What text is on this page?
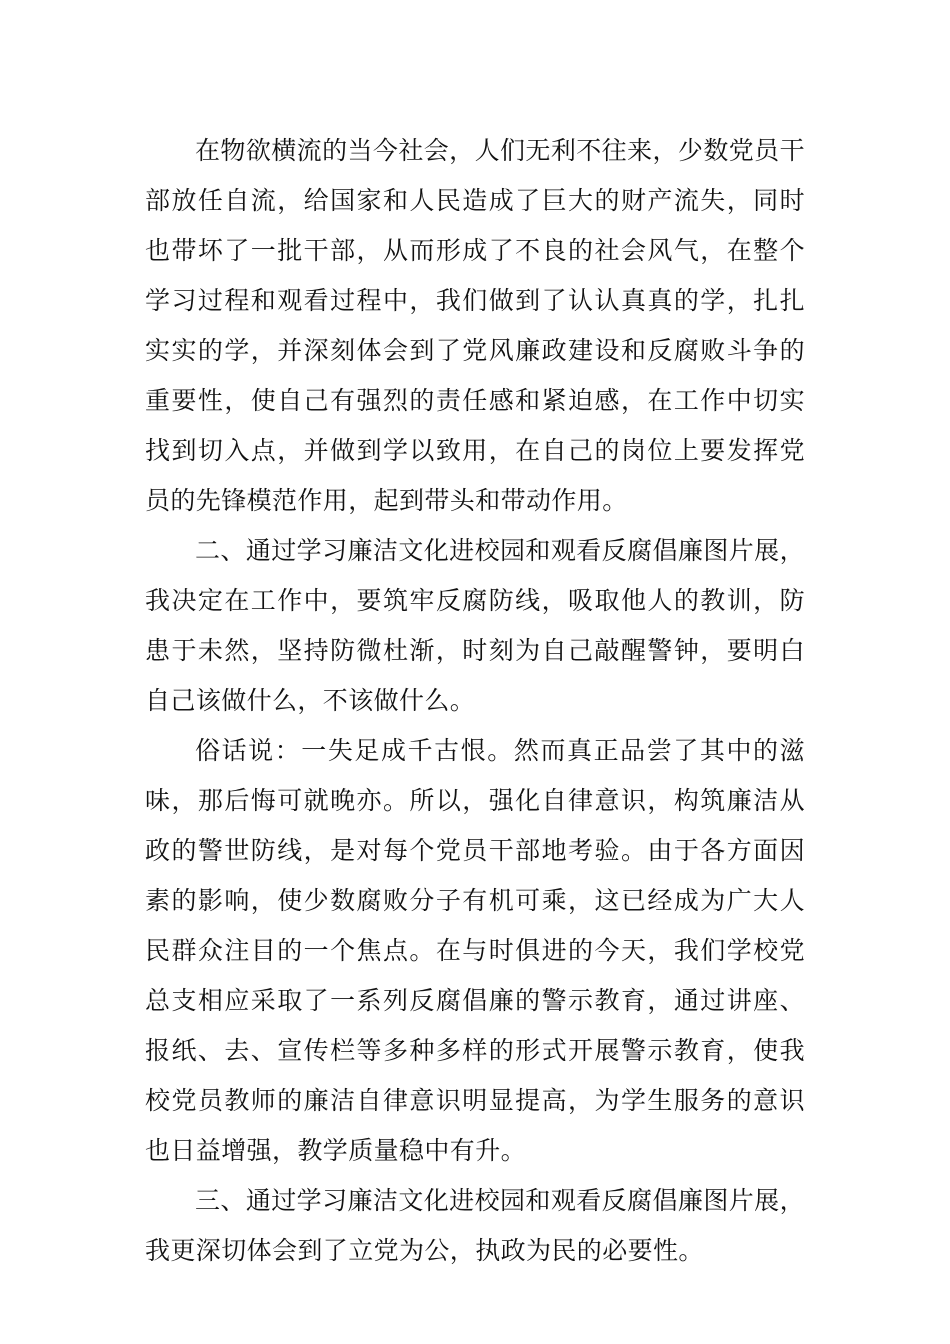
在物欲横流的当今社会，人们无利不往来，少数党员干部放任自流，给国家和人民造成了巨大的财产流失，同时也带坏了一批干部，从而形成了不良的社会风气，在整个学习过程和观看过程中，我们做到了认认真真的学，扎扎实实的学，并深刻体会到了党风廉政建设和反腐败斗争的重要性，使自己有强烈的责任感和紧迫感，在工作中切实找到切入点，并做到学以致用，在自己的岗位上要发挥党员的先锋模范作用，起到带头和带动作用。

二、通过学习廉洁文化进校园和观看反腐倡廉图片展，我决定在工作中，要筑牢反腐防线，吸取他人的教训，防患于未然，坚持防微杜渐，时刻为自己敲醒警钟，要明白自己该做什么，不该做什么。

俗话说：一失足成千古恨。然而真正品尝了其中的滋味，那后悔可就晚亦。所以，强化自律意识，构筑廉洁从政的警世防线，是对每个党员干部地考验。由于各方面因素的影响，使少数腐败分子有机可乘，这已经成为广大人民群众注目的一个焦点。在与时俱进的今天，我们学校党总支相应采取了一系列反腐倡廉的警示教育，通过讲座、报纸、去、宣传栏等多种多样的形式开展警示教育，使我校党员教师的廉洁自律意识明显提高，为学生服务的意识也日益增强，教学质量稳中有升。

三、通过学习廉洁文化进校园和观看反腐倡廉图片展，我更深切体会到了立党为公，执政为民的必要性。
